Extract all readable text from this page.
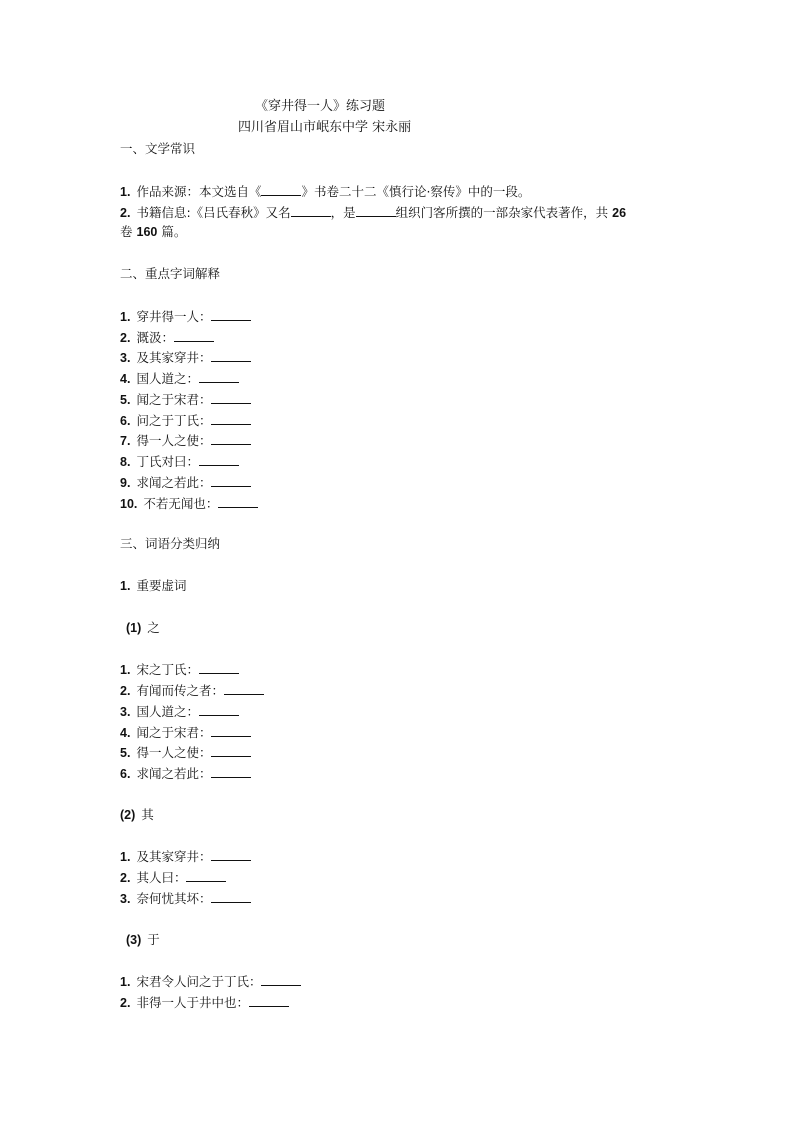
《穿井得一人》练习题
四川省眉山市岷东中学 宋永丽
一、文学常识
1. 作品来源：本文选自《	》书卷二十二《慎行论·察传》中的一段。
2. 书籍信息:《吕氏春秋》又名	，是	组织门客所撰的一部杂家代表著作，共 26
卷 160 篇。
二、重点字词解释
1. 穿井得一人：
2. 溉汲：
3. 及其家穿井：
4. 国人道之：
5. 闻之于宋君：
6. 问之于丁氏：
7. 得一人之使：
8. 丁氏对曰：
9. 求闻之若此：
10. 不若无闻也：
三、词语分类归纳
1. 重要虚词
(1) 之
1. 宋之丁氏：
2. 有闻而传之者：
3. 国人道之：
4. 闻之于宋君：
5. 得一人之使：
6. 求闻之若此：
(2) 其
1. 及其家穿井：
2. 其人曰：
3. 奈何忧其坏：
(3) 于
1. 宋君令人问之于丁氏：
2. 非得一人于井中也：
